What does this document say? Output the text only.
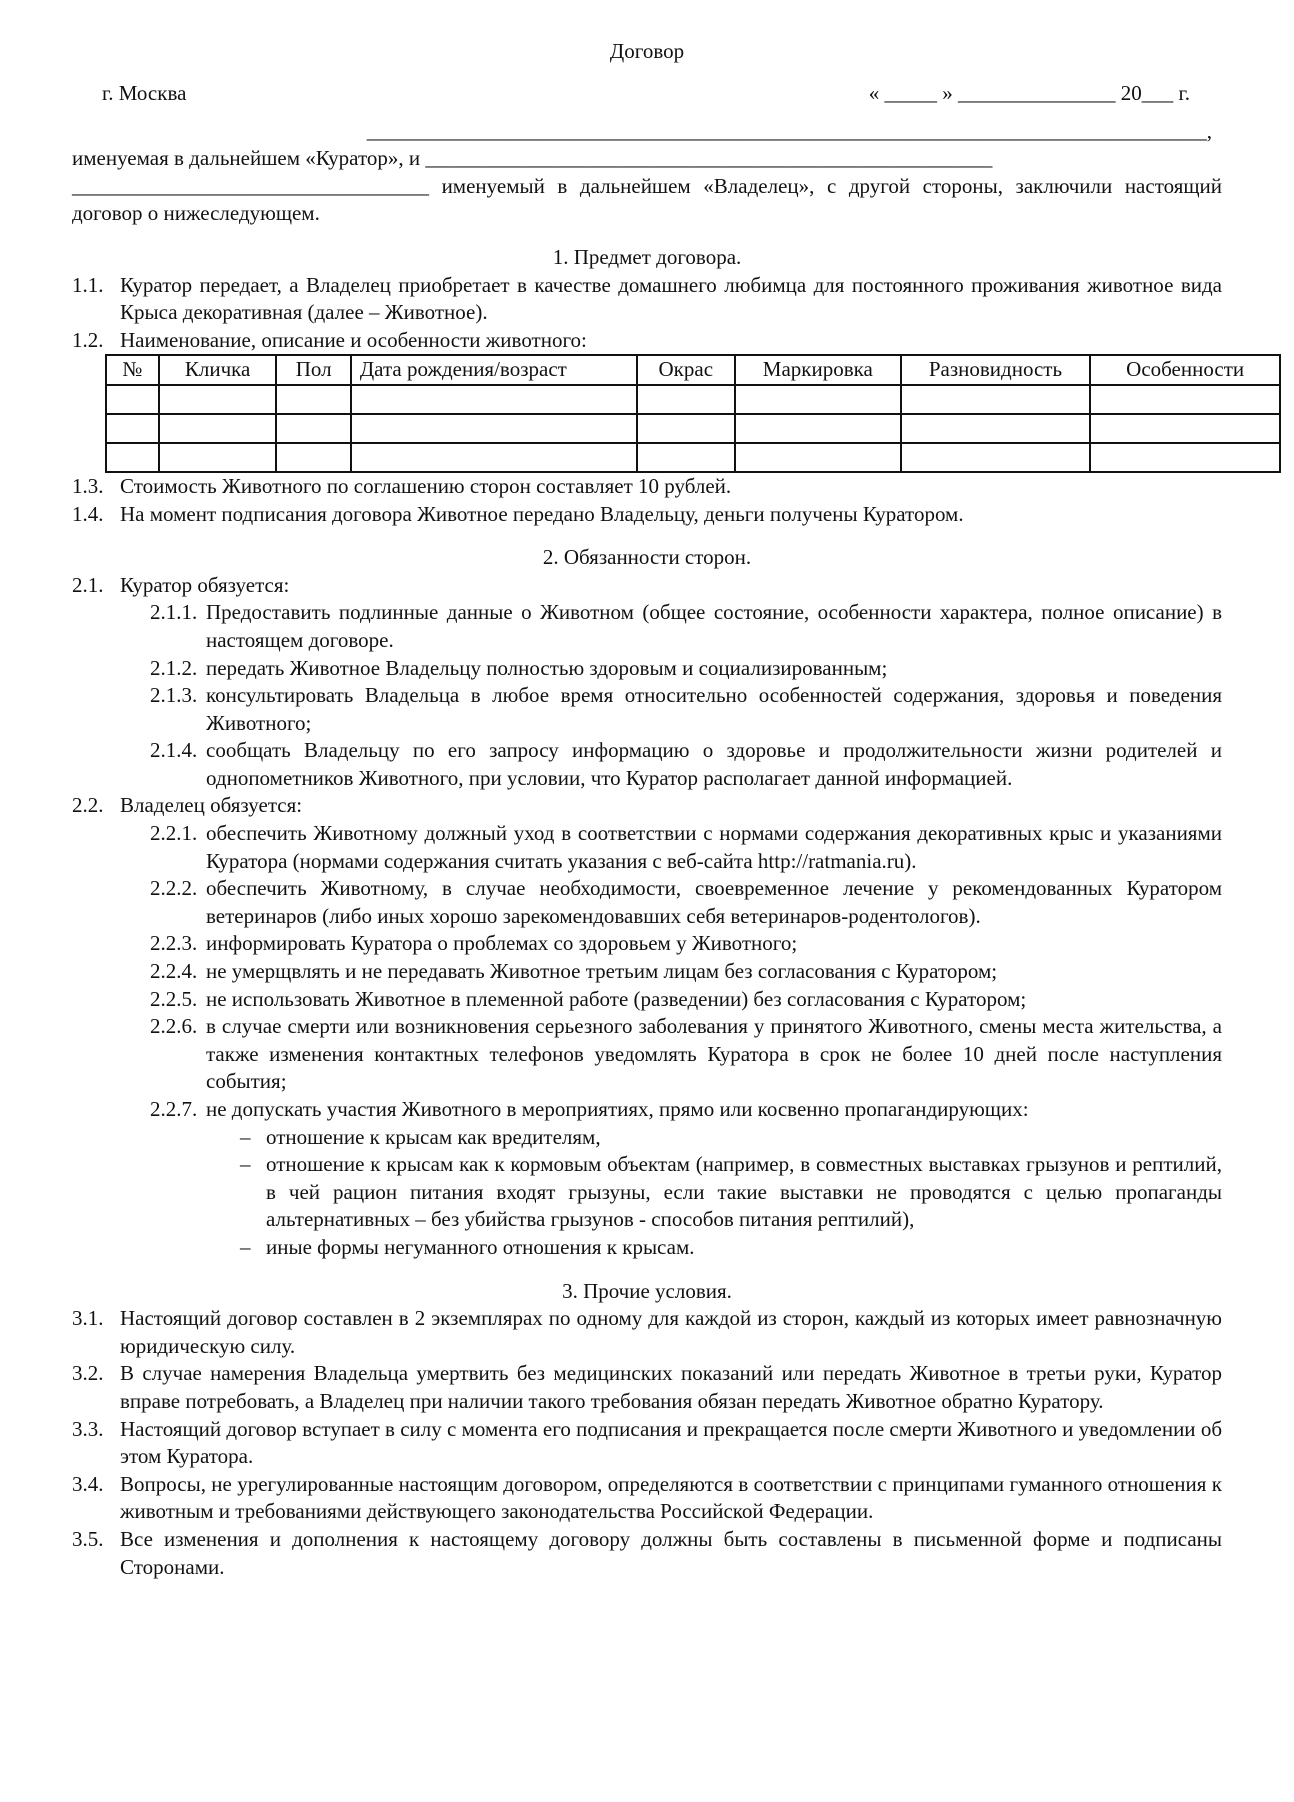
Договор
г. Москва	« _____ » _______________ 20___ г.
________________________________________________________________________________,
именуемая в дальнейшем «Куратор», и ______________________________________________________
__________________________________ именуемый в дальнейшем «Владелец», с другой стороны, заключили настоящий договор о нижеследующем.
1. Предмет договора.
1.1. Куратор передает, а Владелец приобретает в качестве домашнего любимца для постоянного проживания животное вида Крыса декоративная (далее – Животное).
1.2. Наименование, описание и особенности животного:
№	Кличка	Пол	Дата рождения/возраст	Окрас	Маркировка	Разновидность	Особенности

1.3. Стоимость Животного по соглашению сторон составляет 10 рублей.
1.4. На момент подписания договора Животное передано Владельцу, деньги получены Куратором.
2. Обязанности сторон.
2.1. Куратор обязуется:
2.1.1. Предоставить подлинные данные о Животном (общее состояние, особенности характера, полное описание) в настоящем договоре.
2.1.2. передать Животное Владельцу полностью здоровым и социализированным;
2.1.3. консультировать Владельца в любое время относительно особенностей содержания, здоровья и поведения Животного;
2.1.4. сообщать Владельцу по его запросу информацию о здоровье и продолжительности жизни родителей и однопометников Животного, при условии, что Куратор располагает данной информацией.
2.2. Владелец обязуется:
2.2.1. обеспечить Животному должный уход в соответствии с нормами содержания декоративных крыс и указаниями Куратора (нормами содержания считать указания с веб-сайта http://ratmania.ru).
2.2.2. обеспечить Животному, в случае необходимости, своевременное лечение у рекомендованных Куратором ветеринаров (либо иных хорошо зарекомендовавших себя ветеринаров-родентологов).
2.2.3. информировать Куратора о проблемах со здоровьем у Животного;
2.2.4. не умерщвлять и не передавать Животное третьим лицам без согласования с Куратором;
2.2.5. не использовать Животное в племенной работе (разведении) без согласования с Куратором;
2.2.6. в случае смерти или возникновения серьезного заболевания у принятого Животного, смены места жительства, а также изменения контактных телефонов уведомлять Куратора в срок не более 10 дней после наступления события;
2.2.7. не допускать участия Животного в мероприятиях, прямо или косвенно пропагандирующих:
– отношение к крысам как вредителям,
– отношение к крысам как к кормовым объектам (например, в совместных выставках грызунов и рептилий, в чей рацион питания входят грызуны, если такие выставки не проводятся с целью пропаганды альтернативных – без убийства грызунов - способов питания рептилий),
– иные формы негуманного отношения к крысам.
3. Прочие условия.
3.1. Настоящий договор составлен в 2 экземплярах по одному для каждой из сторон, каждый из которых имеет равнозначную юридическую силу.
3.2. В случае намерения Владельца умертвить без медицинских показаний или передать Животное в третьи руки, Куратор вправе потребовать, а Владелец при наличии такого требования обязан передать Животное обратно Куратору.
3.3. Настоящий договор вступает в силу с момента его подписания и прекращается после смерти Животного и уведомлении об этом Куратора.
3.4. Вопросы, не урегулированные настоящим договором, определяются в соответствии с принципами гуманного отношения к животным и требованиями действующего законодательства Российской Федерации.
3.5. Все изменения и дополнения к настоящему договору должны быть составлены в письменной форме и подписаны Сторонами.
